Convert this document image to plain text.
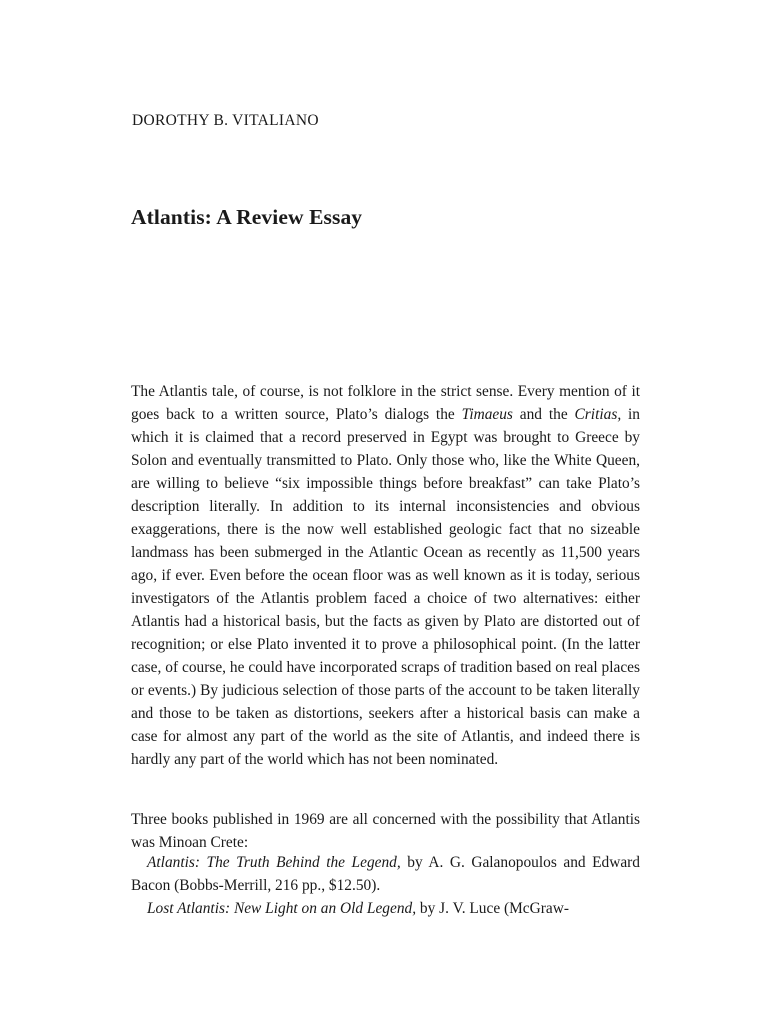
DOROTHY B. VITALIANO
Atlantis: A Review Essay

The Atlantis tale, of course, is not folklore in the strict sense. Every mention of it goes back to a written source, Plato’s dialogs the Timaeus and the Critias, in which it is claimed that a record preserved in Egypt was brought to Greece by Solon and eventually transmitted to Plato. Only those who, like the White Queen, are willing to believe “six impossible things before breakfast” can take Plato’s description literally. In addition to its internal inconsistencies and obvious exaggerations, there is the now well established geologic fact that no sizeable landmass has been submerged in the Atlantic Ocean as recently as 11,500 years ago, if ever. Even before the ocean floor was as well known as it is today, serious investigators of the Atlantis problem faced a choice of two alternatives: either Atlantis had a historical basis, but the facts as given by Plato are distorted out of recognition; or else Plato invented it to prove a philosophical point. (In the latter case, of course, he could have incorporated scraps of tradition based on real places or events.) By judicious selection of those parts of the account to be taken literally and those to be taken as distortions, seekers after a historical basis can make a case for almost any part of the world as the site of Atlantis, and indeed there is hardly any part of the world which has not been nominated.

Three books published in 1969 are all concerned with the possibility that Atlantis was Minoan Crete:

Atlantis: The Truth Behind the Legend, by A. G. Galanopoulos and Edward Bacon (Bobbs-Merrill, 216 pp., $12.50).

Lost Atlantis: New Light on an Old Legend, by J. V. Luce (McGraw-
